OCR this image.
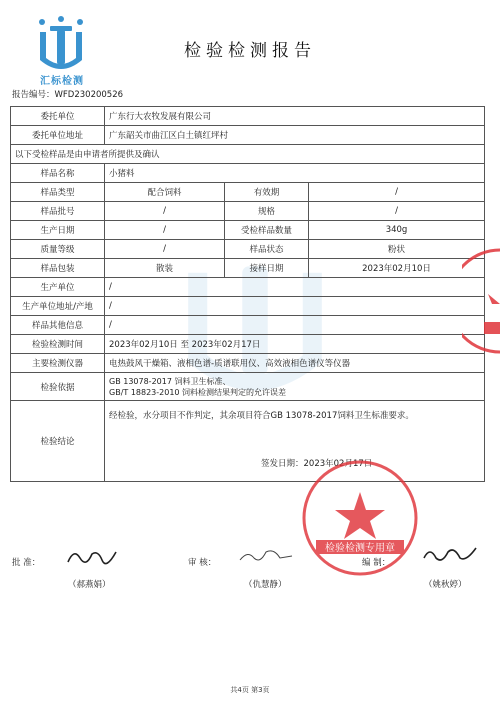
汇标检测
检验检测报告
报告编号：WFD230200526
委托单位	广东行大农牧发展有限公司		
委托单位地址	广东韶关市曲江区白土镇红坪村		
以下受检样品是由申请者所提供及确认			
样品名称	小猪料		
样品类型	配合饲料	有效期	/
样品批号	/	规格	/
生产日期	/	受检样品数量	340g
质量等级	/	样品状态	粉状
样品包装	散装	接样日期	2023年02月10日
生产单位	/		
生产单位地址/产地	/		
样品其他信息	/		
检验检测时间	2023年02月10日 至 2023年02月17日		
主要检测仪器	电热鼓风干燥箱、液相色谱-质谱联用仪、高效液相色谱仪等仪器		
检验依据	GB 13078-2017 饲料卫生标准、
GB/T 18823-2010 饲料检测结果判定的允许误差		

检验结论	经检验，水分项目不作判定，其余项目符合GB 13078-2017饲料卫生标准要求。
签发日期：2023年02月17日		
检验检测专用章
批 准：	审 核：	编 制：
（郝燕娟）	（仇慧静）	（姚秋婷）
共4页 第3页
